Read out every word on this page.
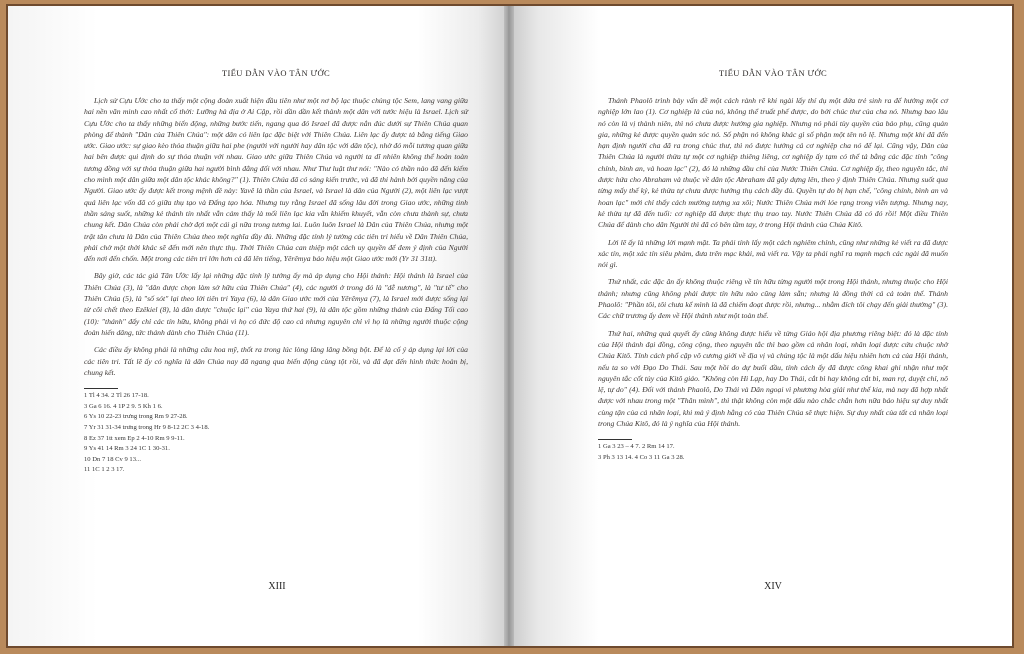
TIỂU DẪN VÀO TÂN ƯỚC

Lịch sử Cựu Ước cho ta thấy một cộng đoàn xuất hiện đầu tiên như một nơ bộ lạc thuộc chủng tộc Sem, lang vang giữa hai nền văn minh cao nhất cổ thời: Lưỡng hà địa ở Ai Cập, rồi dần dần kết thành một dân với tước hiệu là Israel. Lịch sử Cựu Ước cho ta thấy những biến động, những bước tiến, ngang qua đó Israel đã được nắn đúc dưới sự Thiên Chúa quan phòng để thành "Dân của Thiên Chúa": một dân có liên lạc đặc biệt với Thiên Chúa. Liên lạc ấy được tả bằng tiếng Giao ước. Giao ước: sự giao kèo thỏa thuận giữa hai phe (người với người hay dân tộc với dân tộc), nhờ đó mỗi tương quan giữa hai bên được qui định do sự thỏa thuận với nhau. Giao ước giữa Thiên Chúa và người ta dĩ nhiên không thể hoàn toàn tương đồng với sự thỏa thuận giữa hai người bình đẳng đối với nhau. Như Thư luật thư nói: "Nào có thần nào đã đến kiếm cho mình một dân giữa một dân tộc khác không?" (1). Thiên Chúa đã có sáng kiến trước, và đã thi hành bởi quyền năng của Người. Giao ước ấy được kết trong mệnh đề này: Yavê là thần của Israel, và Israel là dân của Người (2), một liên lạc vượt quá liên lạc vốn đã có giữa thụ tạo và Đấng tạo hóa. Nhưng tuy rằng Israel đã sống lâu đời trong Giao ước, những tinh thần sáng suốt, những kẻ thánh tín nhất vẫn cảm thấy là mối liên lạc kia vẫn khiếm khuyết, vẫn còn chưa thành sự, chưa chung kết. Dân Chúa còn phải chờ đợi một cái gì nữa trong tương lai. Luôn luôn Israel là Dân của Thiên Chúa, nhưng một trật tân chưa là Dân của Thiên Chúa theo một nghĩa đầy đủ. Những đặc tính lý tưởng các tiên tri hiểu về Dân Thiên Chúa, phải chờ một thời khác sẽ đến mới nên thực thụ. Thời Thiên Chúa can thiệp một cách uy quyền để đem ý định của Người đến nơi đến chốn. Một trong các tiên tri lớn hơn cả đã lên tiếng, Yêrêmya báo hiệu một Giao ước mới (Yr 31 31tt).

Bây giờ, các tác giả Tân Ước lấy lại những đặc tính lý tưởng ấy mà áp dụng cho Hội thánh: Hội thánh là Israel của Thiên Chúa (3), là "dân được chọn làm sở hữu của Thiên Chúa" (4), các người ở trong đó là "dễ nương", là "tư tế" cho Thiên Chúa (5), là "số sót" lại theo lời tiên tri Yaya (6), là dân Giao ước mới của Yêrêmya (7), là Israel mới được sống lại từ cõi chết theo Ezêkiel (8), là dân được "chuộc lại" của Yaya thứ hai (9), là dân tộc gồm những thánh của Đấng Tối cao (10): "thánh" đấy chỉ các tín hữu, không phải vì họ có đức độ cao cả nhưng nguyên chỉ vì họ là những người thuộc cộng đoàn hiến dâng, tức thánh dành cho Thiên Chúa (11).

Các điều ấy không phải là những câu hoa mỹ, thốt ra trong lúc lòng lâng lâng bồng bột. Để là cố ý áp dụng lại lời của các tiên tri. Tất lẽ ấy có nghĩa là dân Chúa nay đã ngang qua biến động cùng tột rồi, và đã đạt đến hình thức hoàn bị, chung kết.

1 Tl 4 34. 2 Tl 26 17-18.
3 Ga 6 16. 4 1P 2 9. 5 Kh 1 6.
6 Ys 10 22-23 trưng trong Rm 9 27-28.
7 Yr 31 31-34 trưng trong Hr 9 8-12 2C 3 4-18.
8 Ez 37 1tt xem Ep 2 4-10 Rm 9 9-11.
9 Ys 41 14 Rm 3 24 1C 1 30-31.
10 Dn 7 18 Cv 9 13...
11 1C 1 2 3 17.
XIII
TIỂU DẪN VÀO TÂN ƯỚC

Thánh Phaolô trình bày vấn đề một cách rành rẽ khi ngài lấy thí dụ một đứa trẻ sinh ra để hưởng một cơ nghiệp lớn lao (1). Cơ nghiệp là của nó, không thể truất phế được, do bởi chúc thư của cha nó. Nhưng bao lâu nó còn là vị thành niên, thì nó chưa được hưởng gia nghiệp. Nhưng nó phải tùy quyền của bảo phụ, cũng quản gia, những kẻ được quyền quản sóc nó. Số phận nó không khác gì số phận một tên nô lệ. Nhưng một khi đã đến hạn định người cha đã ra trong chúc thư, thì nó được hưởng cả cơ nghiệp cha nó để lại. Cũng vậy, Dân của Thiên Chúa là người thừa tự một cơ nghiệp thiêng liêng, cơ nghiệp ấy tạm có thể tả bằng các đặc tính "công chính, bình an, và hoan lạc" (2), đó là những đầu chỉ của Nước Thiên Chúa. Cơ nghiệp ấy, theo nguyên tắc, thì được hứa cho Abraham và thuộc về dân tộc Abraham đã gây dựng lên, theo ý định Thiên Chúa. Nhưng suốt qua từng mấy thế kỷ, kẻ thừa tự chưa được hưởng thụ cách đầy đủ. Quyền tự do bị hạn chế, "công chính, bình an và hoan lạc" mới chỉ thấy cách mường tượng xa xôi; Nước Thiên Chúa mới lóe rạng trong viễn tượng. Nhưng nay, kẻ thừa tự đã đến tuổi: cơ nghiệp đã được thực thụ trao tay. Nước Thiên Chúa đã có đó rồi! Một điều Thiên Chúa để dành cho dân Người thì đã có bên tầm tay, ở trong Hội thánh của Chúa Kitô.

Lời lẽ ấy là những lời mạnh mặt. Ta phải tính lấy một cách nghiêm chỉnh, cũng như những kẻ viết ra đã được xác tín, một xác tín siêu phàm, đưa trên mạc khải, mà viết ra. Vậy ta phải nghĩ ra mạnh mạch các ngài đã muốn nói gì.

Thứ nhất, các đặc ân ấy không thuộc riêng về tín hữu từng người một trong Hội thánh, nhưng thuộc cho Hội thánh; nhưng cũng không phải được tín hữu nào cũng làm sẵn; nhưng là đồng thời cả cả toàn thể. Thánh Phaolô: "Phần tôi, tôi chưa kể mình là đã chiếm đoạt được rồi, nhưng... nhằm đích tôi chạy đến giải thưởng" (3). Các chữ trương ấy đem về Hội thánh như một toàn thể.

Thứ hai, những quả quyết ấy cũng không được hiểu về từng Giáo hội địa phương riêng biệt: đó là đặc tính của Hội thánh đại đồng, công cộng, theo nguyên tắc thì bao gồm cả nhân loại, nhân loại được cứu chuộc nhờ Chúa Kitô. Tính cách phổ cập vô cương giới về địa vị và chủng tộc là một dấu hiệu nhiên hơn cả của Hội thánh, nếu ta so với Đạo Do Thái. Sau một hồi do dự buổi đầu, tính cách ấy đã được công khai ghi nhận như một nguyên tắc cốt tủy của Kitô giáo. "Không còn Hi Lạp, hay Do Thái, cắt bì hay không cắt bì, man rợ, duyệt chỉ, nô lệ, tự do" (4). Đối với thánh Phaolô, Do Thái và Dân ngoại vì phương hòa giải như thế kia, mà nay đã hợp nhất được với nhau trong một "Thân mình", thì thật không còn một dấu nào chắc chắn hơn nữa báo hiệu sự duy nhất cùng tận của cả nhân loại, khi mà ý định hằng có của Thiên Chúa sẽ thực hiện. Sự duy nhất của tất cả nhân loại trong Chúa Kitô, đó là ý nghĩa của Hội thánh.

1 Ga 3 23 – 4 7. 2 Rm 14 17.
3 Ph 3 13 14. 4 Co 3 11 Ga 3 28.
XIV
